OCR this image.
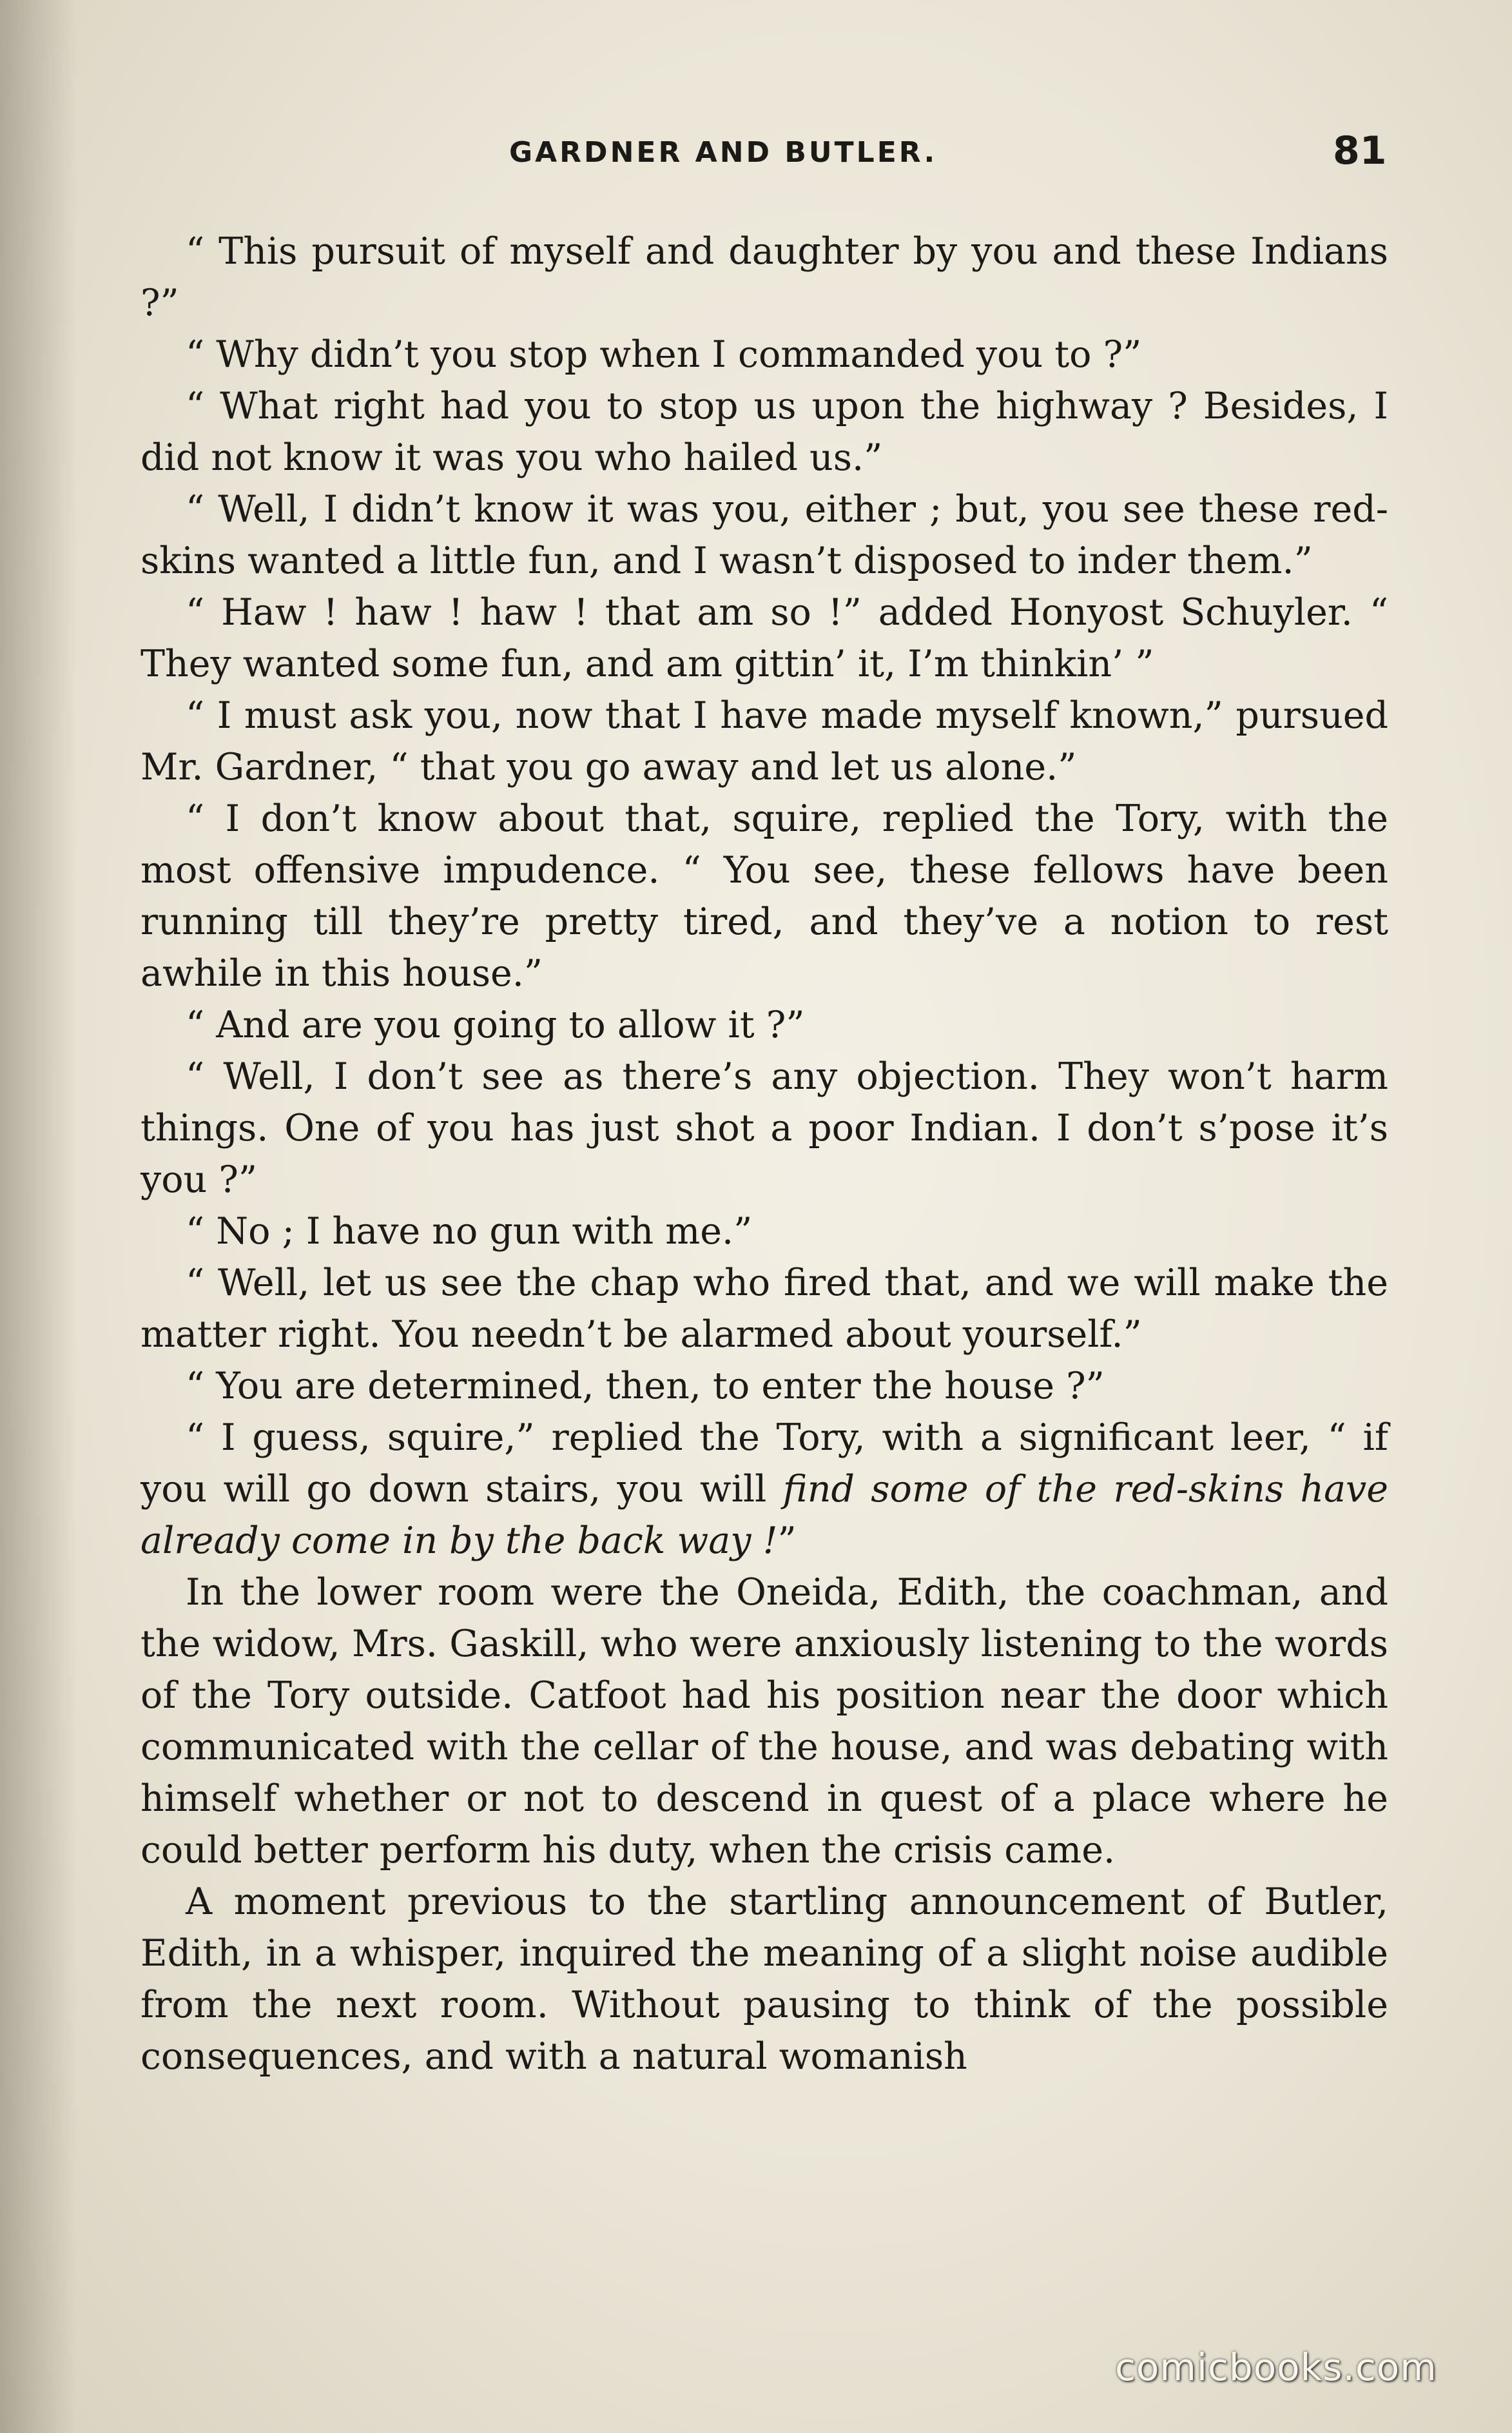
GARDNER AND BUTLER.	81

“ This pursuit of myself and daughter by you and these Indians ?”

“ Why didn’t you stop when I commanded you to ?”

“ What right had you to stop us upon the highway ? Besides, I did not know it was you who hailed us.”

“ Well, I didn’t know it was you, either ; but, you see these red-skins wanted a little fun, and I wasn’t disposed to inder them.”

“ Haw ! haw ! haw ! that am so !” added Honyost Schuyler. “ They wanted some fun, and am gittin’ it, I’m thinkin’ ”

“ I must ask you, now that I have made myself known,” pursued Mr. Gardner, “ that you go away and let us alone.”

“ I don’t know about that, squire, replied the Tory, with the most offensive impudence. “ You see, these fellows have been running till they’re pretty tired, and they’ve a notion to rest awhile in this house.”

“ And are you going to allow it ?”

“ Well, I don’t see as there’s any objection. They won’t harm things. One of you has just shot a poor Indian. I don’t s’pose it’s you ?”

“ No ; I have no gun with me.”

“ Well, let us see the chap who fired that, and we will make the matter right. You needn’t be alarmed about yourself.”

“ You are determined, then, to enter the house ?”

“ I guess, squire,” replied the Tory, with a significant leer, “ if you will go down stairs, you will find some of the red-skins have already come in by the back way !”

In the lower room were the Oneida, Edith, the coachman, and the widow, Mrs. Gaskill, who were anxiously listening to the words of the Tory outside. Catfoot had his position near the door which communicated with the cellar of the house, and was debating with himself whether or not to descend in quest of a place where he could better perform his duty, when the crisis came.

A moment previous to the startling announcement of Butler, Edith, in a whisper, inquired the meaning of a slight noise audible from the next room. Without pausing to think of the possible consequences, and with a natural womanish

comicbooks.com
